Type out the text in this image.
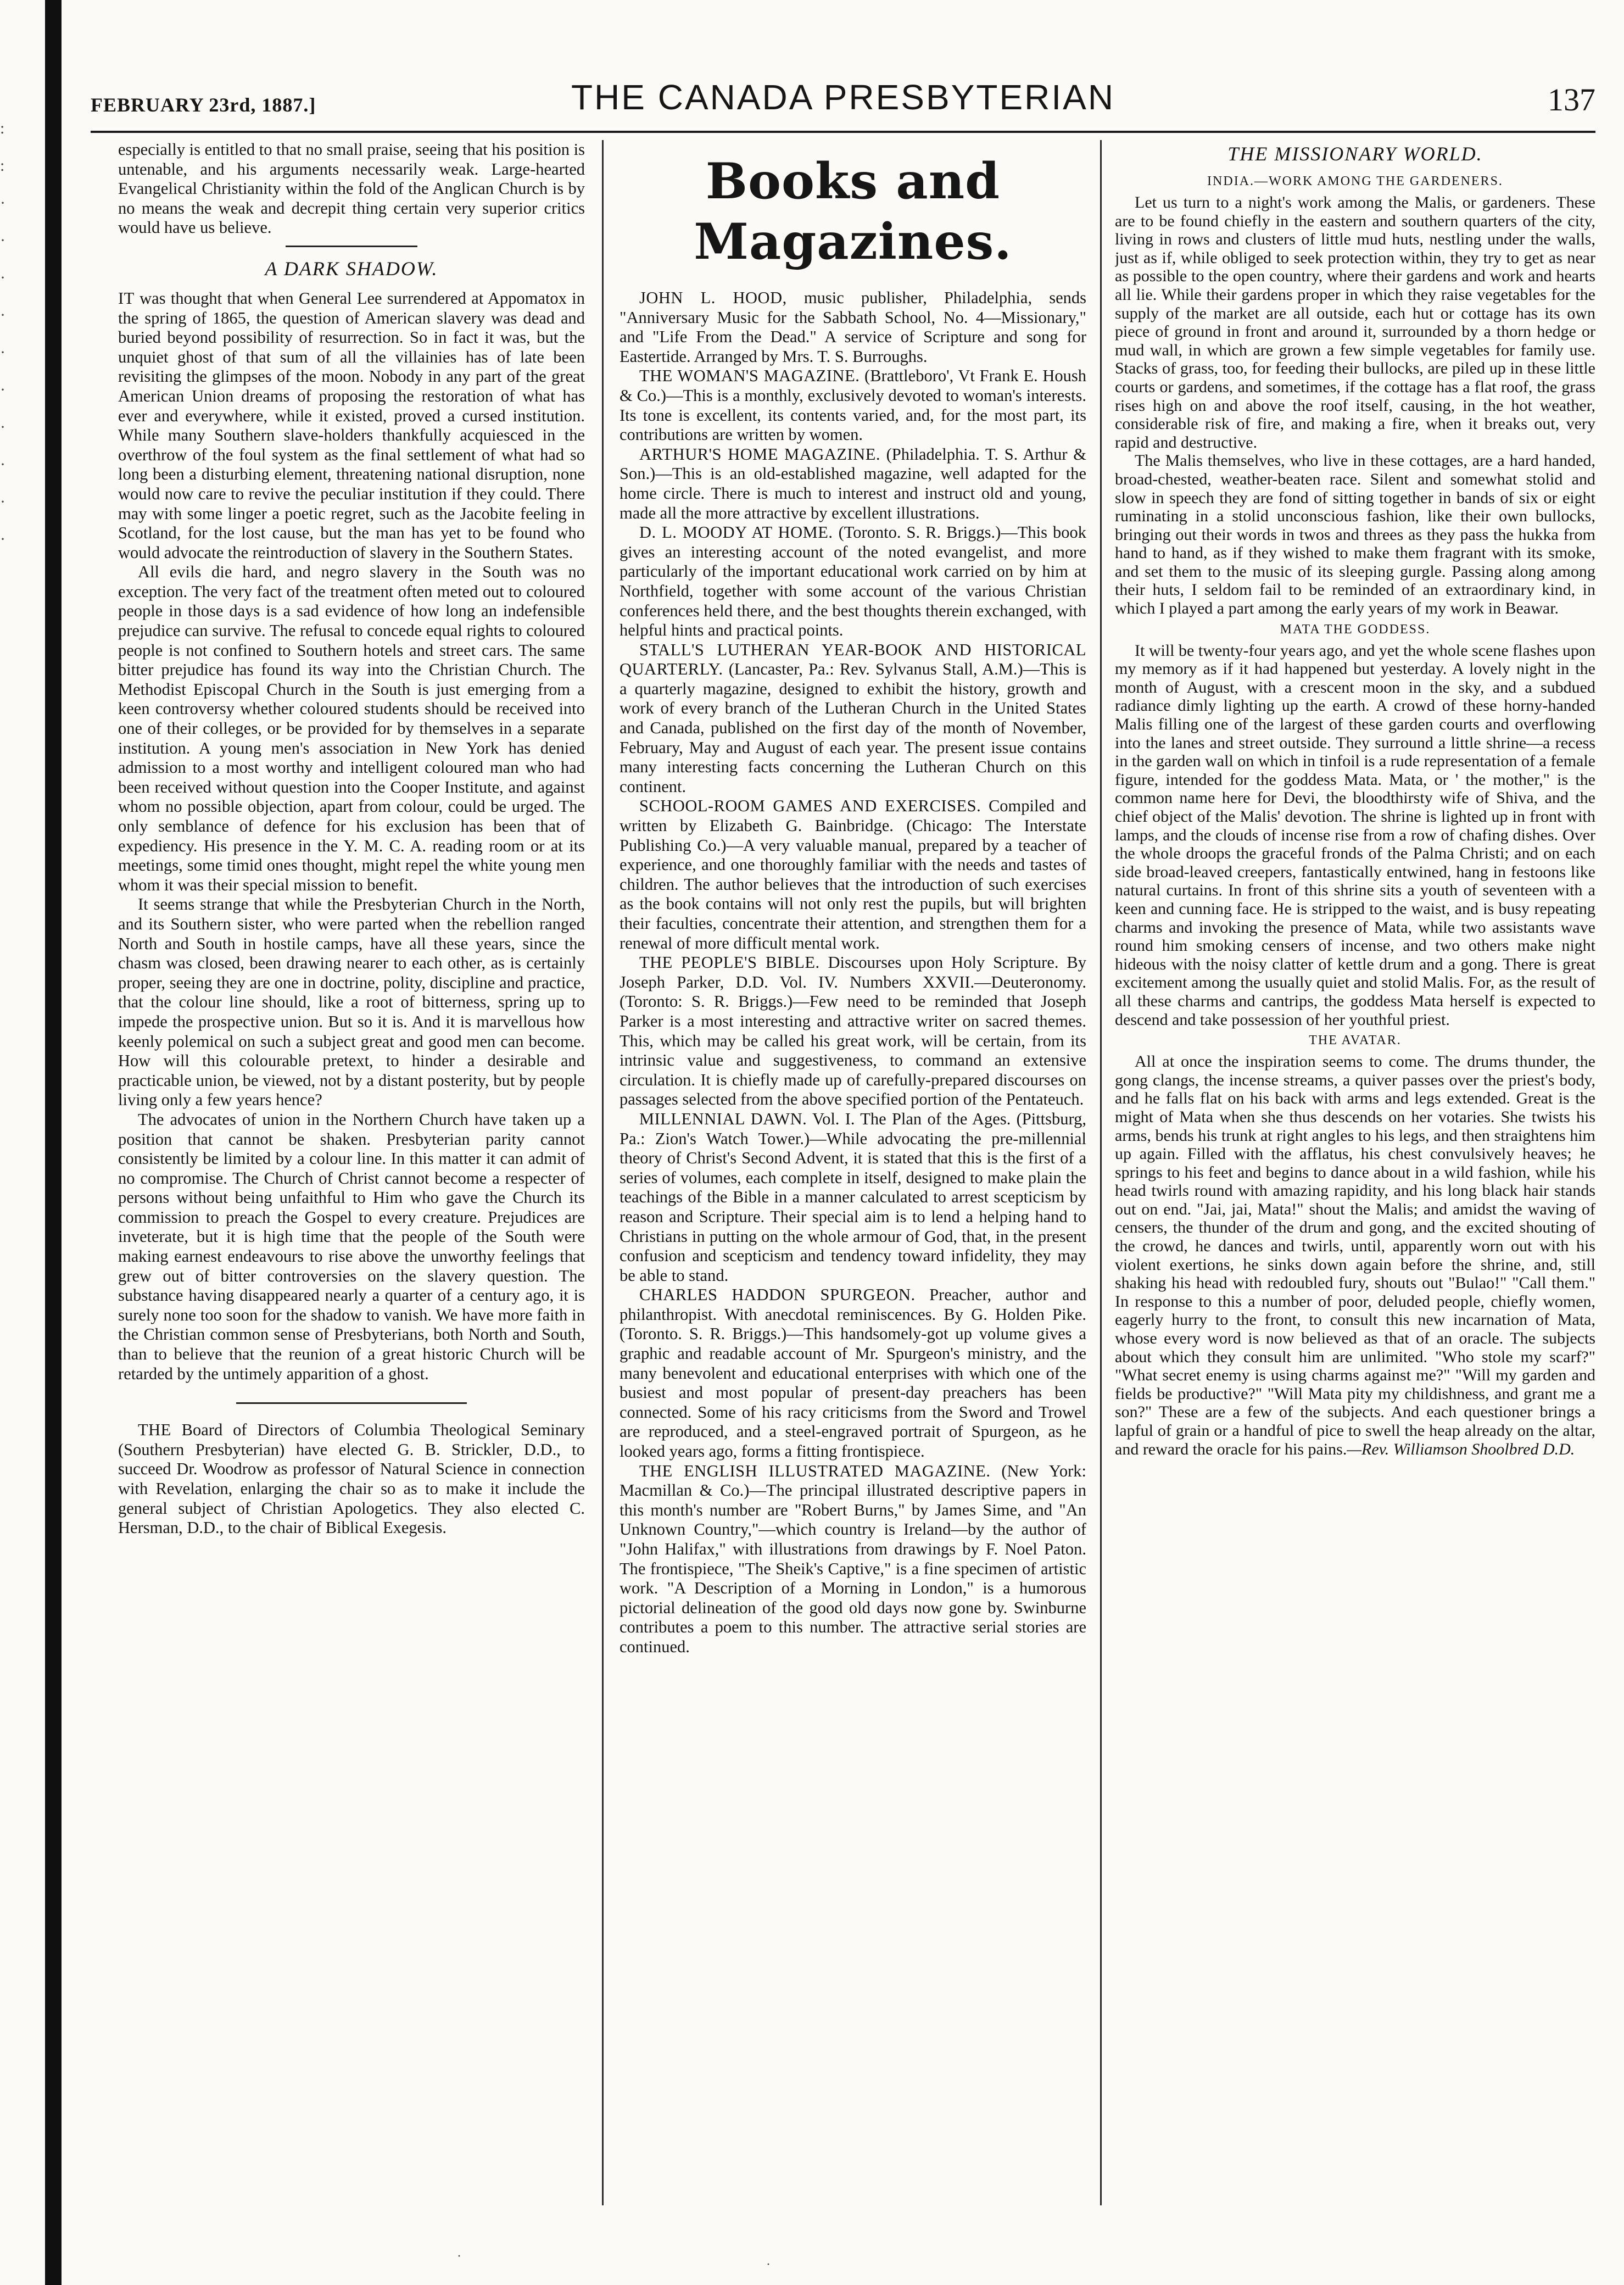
:
:
·
·
·
·
·
·
·
·
·
·
FEBRUARY 23rd, 1887.]	THE CANADA PRESBYTERIAN	137

especially is entitled to that no small praise, seeing that his position is untenable, and his arguments necessarily weak. Large-hearted Evangelical Christianity within the fold of the Anglican Church is by no means the weak and decrepit thing certain very superior critics would have us believe.

A DARK SHADOW.

IT was thought that when General Lee surrendered at Appomatox in the spring of 1865, the question of American slavery was dead and buried beyond possibility of resurrection. So in fact it was, but the unquiet ghost of that sum of all the villainies has of late been revisiting the glimpses of the moon. Nobody in any part of the great American Union dreams of proposing the restoration of what has ever and everywhere, while it existed, proved a cursed institution. While many Southern slave-holders thankfully acquiesced in the overthrow of the foul system as the final settlement of what had so long been a disturbing element, threatening national disruption, none would now care to revive the peculiar institution if they could. There may with some linger a poetic regret, such as the Jacobite feeling in Scotland, for the lost cause, but the man has yet to be found who would advocate the reintroduction of slavery in the Southern States.

All evils die hard, and negro slavery in the South was no exception. The very fact of the treatment often meted out to coloured people in those days is a sad evidence of how long an indefensible prejudice can survive. The refusal to concede equal rights to coloured people is not confined to Southern hotels and street cars. The same bitter prejudice has found its way into the Christian Church. The Methodist Episcopal Church in the South is just emerging from a keen controversy whether coloured students should be received into one of their colleges, or be provided for by themselves in a separate institution. A young men's association in New York has denied admission to a most worthy and intelligent coloured man who had been received without question into the Cooper Institute, and against whom no possible objection, apart from colour, could be urged. The only semblance of defence for his exclusion has been that of expediency. His presence in the Y. M. C. A. reading room or at its meetings, some timid ones thought, might repel the white young men whom it was their special mission to benefit.

It seems strange that while the Presbyterian Church in the North, and its Southern sister, who were parted when the rebellion ranged North and South in hostile camps, have all these years, since the chasm was closed, been drawing nearer to each other, as is certainly proper, seeing they are one in doctrine, polity, discipline and practice, that the colour line should, like a root of bitterness, spring up to impede the prospective union. But so it is. And it is marvellous how keenly polemical on such a subject great and good men can become. How will this colourable pretext, to hinder a desirable and practicable union, be viewed, not by a distant posterity, but by people living only a few years hence?

The advocates of union in the Northern Church have taken up a position that cannot be shaken. Presbyterian parity cannot consistently be limited by a colour line. In this matter it can admit of no compromise. The Church of Christ cannot become a respecter of persons without being unfaithful to Him who gave the Church its commission to preach the Gospel to every creature. Prejudices are inveterate, but it is high time that the people of the South were making earnest endeavours to rise above the unworthy feelings that grew out of bitter controversies on the slavery question. The substance having disappeared nearly a quarter of a century ago, it is surely none too soon for the shadow to vanish. We have more faith in the Christian common sense of Presbyterians, both North and South, than to believe that the reunion of a great historic Church will be retarded by the untimely apparition of a ghost.

THE Board of Directors of Columbia Theological Seminary (Southern Presbyterian) have elected G. B. Strickler, D.D., to succeed Dr. Woodrow as professor of Natural Science in connection with Revelation, enlarging the chair so as to make it include the general subject of Christian Apologetics. They also elected C. Hersman, D.D., to the chair of Biblical Exegesis.

Books and Magazines.

JOHN L. HOOD, music publisher, Philadelphia, sends "Anniversary Music for the Sabbath School, No. 4—Missionary," and "Life From the Dead." A service of Scripture and song for Eastertide. Arranged by Mrs. T. S. Burroughs.

THE WOMAN'S MAGAZINE. (Brattleboro', Vt Frank E. Housh & Co.)—This is a monthly, exclusively devoted to woman's interests. Its tone is excellent, its contents varied, and, for the most part, its contributions are written by women.

ARTHUR'S HOME MAGAZINE. (Philadelphia. T. S. Arthur & Son.)—This is an old-established magazine, well adapted for the home circle. There is much to interest and instruct old and young, made all the more attractive by excellent illustrations.

D. L. MOODY AT HOME. (Toronto. S. R. Briggs.)—This book gives an interesting account of the noted evangelist, and more particularly of the important educational work carried on by him at Northfield, together with some account of the various Christian conferences held there, and the best thoughts therein exchanged, with helpful hints and practical points.

STALL'S LUTHERAN YEAR-BOOK AND HISTORICAL QUARTERLY. (Lancaster, Pa.: Rev. Sylvanus Stall, A.M.)—This is a quarterly magazine, designed to exhibit the history, growth and work of every branch of the Lutheran Church in the United States and Canada, published on the first day of the month of November, February, May and August of each year. The present issue contains many interesting facts concerning the Lutheran Church on this continent.

SCHOOL-ROOM GAMES AND EXERCISES. Compiled and written by Elizabeth G. Bainbridge. (Chicago: The Interstate Publishing Co.)—A very valuable manual, prepared by a teacher of experience, and one thoroughly familiar with the needs and tastes of children. The author believes that the introduction of such exercises as the book contains will not only rest the pupils, but will brighten their faculties, concentrate their attention, and strengthen them for a renewal of more difficult mental work.

THE PEOPLE'S BIBLE. Discourses upon Holy Scripture. By Joseph Parker, D.D. Vol. IV. Numbers XXVII.—Deuteronomy. (Toronto: S. R. Briggs.)—Few need to be reminded that Joseph Parker is a most interesting and attractive writer on sacred themes. This, which may be called his great work, will be certain, from its intrinsic value and suggestiveness, to command an extensive circulation. It is chiefly made up of carefully-prepared discourses on passages selected from the above specified portion of the Pentateuch.

MILLENNIAL DAWN. Vol. I. The Plan of the Ages. (Pittsburg, Pa.: Zion's Watch Tower.)—While advocating the pre-millennial theory of Christ's Second Advent, it is stated that this is the first of a series of volumes, each complete in itself, designed to make plain the teachings of the Bible in a manner calculated to arrest scepticism by reason and Scripture. Their special aim is to lend a helping hand to Christians in putting on the whole armour of God, that, in the present confusion and scepticism and tendency toward infidelity, they may be able to stand.

CHARLES HADDON SPURGEON. Preacher, author and philanthropist. With anecdotal reminiscences. By G. Holden Pike. (Toronto. S. R. Briggs.)—This handsomely-got up volume gives a graphic and readable account of Mr. Spurgeon's ministry, and the many benevolent and educational enterprises with which one of the busiest and most popular of present-day preachers has been connected. Some of his racy criticisms from the Sword and Trowel are reproduced, and a steel-engraved portrait of Spurgeon, as he looked years ago, forms a fitting frontispiece.

THE ENGLISH ILLUSTRATED MAGAZINE. (New York: Macmillan & Co.)—The principal illustrated descriptive papers in this month's number are "Robert Burns," by James Sime, and "An Unknown Country,"—which country is Ireland—by the author of "John Halifax," with illustrations from drawings by F. Noel Paton. The frontispiece, "The Sheik's Captive," is a fine specimen of artistic work. "A Description of a Morning in London," is a humorous pictorial delineation of the good old days now gone by. Swinburne contributes a poem to this number. The attractive serial stories are continued.

THE MISSIONARY WORLD.
INDIA.—WORK AMONG THE GARDENERS.

Let us turn to a night's work among the Malis, or gardeners. These are to be found chiefly in the eastern and southern quarters of the city, living in rows and clusters of little mud huts, nestling under the walls, just as if, while obliged to seek protection within, they try to get as near as possible to the open country, where their gardens and work and hearts all lie. While their gardens proper in which they raise vegetables for the supply of the market are all outside, each hut or cottage has its own piece of ground in front and around it, surrounded by a thorn hedge or mud wall, in which are grown a few simple vegetables for family use. Stacks of grass, too, for feeding their bullocks, are piled up in these little courts or gardens, and sometimes, if the cottage has a flat roof, the grass rises high on and above the roof itself, causing, in the hot weather, considerable risk of fire, and making a fire, when it breaks out, very rapid and destructive.

The Malis themselves, who live in these cottages, are a hard handed, broad-chested, weather-beaten race. Silent and somewhat stolid and slow in speech they are fond of sitting together in bands of six or eight ruminating in a stolid unconscious fashion, like their own bullocks, bringing out their words in twos and threes as they pass the hukka from hand to hand, as if they wished to make them fragrant with its smoke, and set them to the music of its sleeping gurgle. Passing along among their huts, I seldom fail to be reminded of an extraordinary kind, in which I played a part among the early years of my work in Beawar.

MATA THE GODDESS.

It will be twenty-four years ago, and yet the whole scene flashes upon my memory as if it had happened but yesterday. A lovely night in the month of August, with a crescent moon in the sky, and a subdued radiance dimly lighting up the earth. A crowd of these horny-handed Malis filling one of the largest of these garden courts and overflowing into the lanes and street outside. They surround a little shrine—a recess in the garden wall on which in tinfoil is a rude representation of a female figure, intended for the goddess Mata. Mata, or ' the mother," is the common name here for Devi, the bloodthirsty wife of Shiva, and the chief object of the Malis' devotion. The shrine is lighted up in front with lamps, and the clouds of incense rise from a row of chafing dishes. Over the whole droops the graceful fronds of the Palma Christi; and on each side broad-leaved creepers, fantastically entwined, hang in festoons like natural curtains. In front of this shrine sits a youth of seventeen with a keen and cunning face. He is stripped to the waist, and is busy repeating charms and invoking the presence of Mata, while two assistants wave round him smoking censers of incense, and two others make night hideous with the noisy clatter of kettle drum and a gong. There is great excitement among the usually quiet and stolid Malis. For, as the result of all these charms and cantrips, the goddess Mata herself is expected to descend and take possession of her youthful priest.

THE AVATAR.

All at once the inspiration seems to come. The drums thunder, the gong clangs, the incense streams, a quiver passes over the priest's body, and he falls flat on his back with arms and legs extended. Great is the might of Mata when she thus descends on her votaries. She twists his arms, bends his trunk at right angles to his legs, and then straightens him up again. Filled with the afflatus, his chest convulsively heaves; he springs to his feet and begins to dance about in a wild fashion, while his head twirls round with amazing rapidity, and his long black hair stands out on end. "Jai, jai, Mata!" shout the Malis; and amidst the waving of censers, the thunder of the drum and gong, and the excited shouting of the crowd, he dances and twirls, until, apparently worn out with his violent exertions, he sinks down again before the shrine, and, still shaking his head with redoubled fury, shouts out "Bulao!" "Call them." In response to this a number of poor, deluded people, chiefly women, eagerly hurry to the front, to consult this new incarnation of Mata, whose every word is now believed as that of an oracle. The subjects about which they consult him are unlimited. "Who stole my scarf?" "What secret enemy is using charms against me?" "Will my garden and fields be productive?" "Will Mata pity my childishness, and grant me a son?" These are a few of the subjects. And each questioner brings a lapful of grain or a handful of pice to swell the heap already on the altar, and reward the oracle for his pains.—Rev. Williamson Shoolbred D.D.

·
·
